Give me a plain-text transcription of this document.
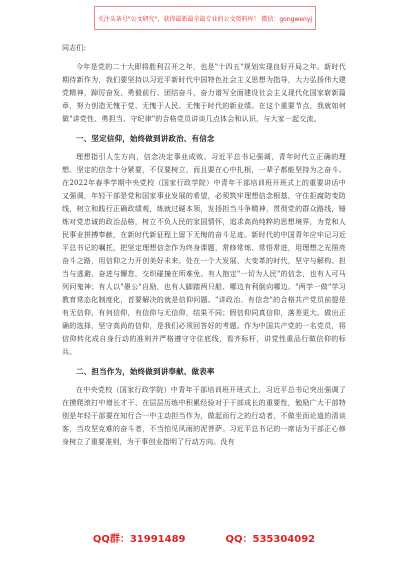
关注头条号"公文研究"，获得最新最全最专业的公文资料库！ 微信：gongwenyj

同志们:

今年是党的二十大即将胜利召开之年，也是"十四五"规划实现良好开局之年。新时代期待新作为，我们要坚持以习近平新时代中国特色社会主义思想为指导，大力弘扬伟大建党精神，踔厉奋发、勇毅前行、团结奋斗，奋力谱写全面建设社会主义现代化国家崭新篇章，努力创造无愧于党、无愧于人民、无愧于时代的新业绩。在这个重要节点，我就如何做"讲党性、勇担当、守纪律"的合格党员讲谈几点体会和认识，与大家一起交流。

一、坚定信仰，始终做到讲政治、有信念

理想指引人生方向，信念决定事业成败。习近平总书记强调，青年时代立正确的理想、坚定的信念十分紧要，不仅要树立，而且要在心中扎根，一辈子都能坚持为之奋斗。在2022年春季学期中央党校（国家行政学院）中青年干部培训班开班式上的重要讲话中又强调，年轻干部是党和国家事业发展的希望，必须筑牢理想信念根基，守住拒腐防变防线，树立和践行正确政绩观，练就过硬本领，发扬担当斗争精神，贯彻党的群众路线，锤炼对党忠诚的政治品格，树立不负人民的家国情怀，追求高尚纯粹的思想境界，为党和人民事业拼搏奉献，在新时代新征程上留下无悔的奋斗足迹。新时代的中国青年应牢记习近平总书记的嘱托，把坚定理想信念作为终身课题，常修常炼、常悟常进，用理想之光照亮奋斗之路，用信仰之力开创美好未来。处在一个大发展、大变革的时代，坚守与解构、担当与逃避、奋进与懈怠，交织碰撞在所难免。有人抱定"一切为人民"的信念，也有人可马列问鬼神；有人以"愚公"自励，也有人脚踏两只船、哪边有利倒向哪边。"两学一做"学习教育常态化制度化，首要解决的就是信仰问题。"讲政治、有信念"的合格共产党员前提是有无信仰，有何信仰，有信仰与无信仰，结果不同；假信仰同真信仰，落差更大。做出正确的选择，坚守高尚的信仰，是我们必须回答好的考题。作为中国共产党的一名党员，将信仰转化成自身行动的准则并严格遵守守住底线，看齐标杆，讲党性重品行做信仰的标兵。

二、担当作为，始终做到讲奉献、做表率

在中央党校（国家行政学院）中青年干部培训班开班式上，习近平总书记突出强调了在摸爬滚打中增长才干、在层层历练中积累经验对于干部成长的重要性，勉励广大干部特别是年轻干部要在知行合一中主动担当作为，做起而行之的行动者，不做坐而论道的清谈客，当攻坚克难的奋斗者，不当怕见风雨的泥菩萨。习近平总书记的一席话为干部正心修身树立了重要准则，为干事创业指明了行动方向。没有

QQ群：31991489	QQ：535304092
